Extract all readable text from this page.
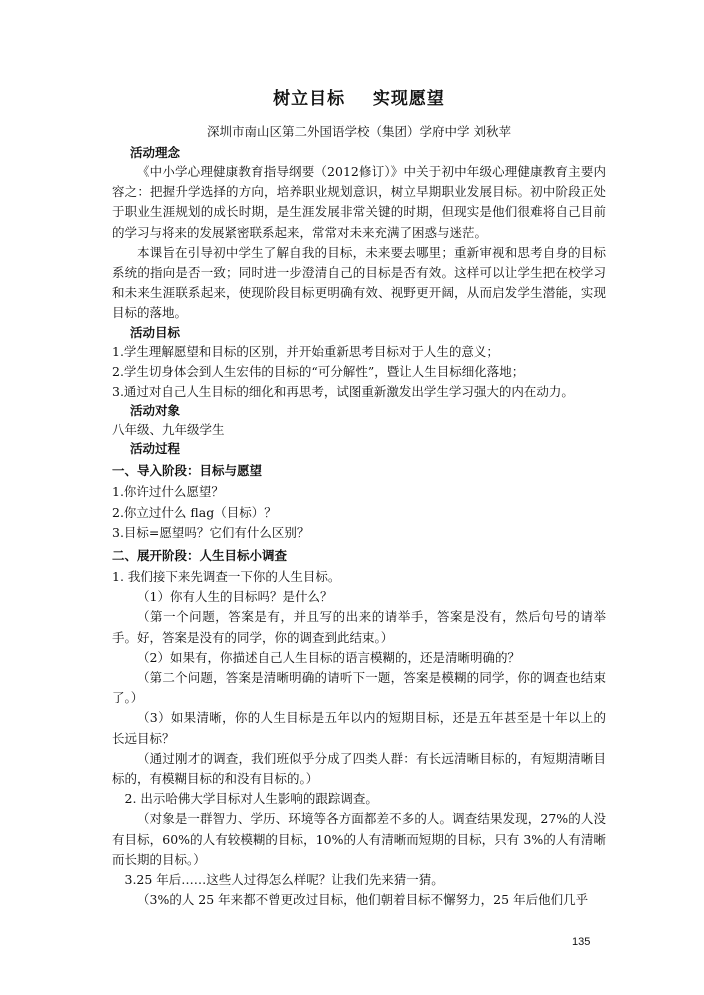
树立目标    实现愿望
深圳市南山区第二外国语学校（集团）学府中学 刘秋苹
活动理念

《中小学心理健康教育指导纲要（2012修订）》中关于初中年级心理健康教育主要内容之：把握升学选择的方向，培养职业规划意识，树立早期职业发展目标。初中阶段正处于职业生涯规划的成长时期，是生涯发展非常关键的时期，但现实是他们很难将自己目前的学习与将来的发展紧密联系起来，常常对未来充满了困惑与迷茫。

本课旨在引导初中学生了解自我的目标，未来要去哪里；重新审视和思考自身的目标系统的指向是否一致；同时进一步澄清自己的目标是否有效。这样可以让学生把在校学习和未来生涯联系起来，使现阶段目标更明确有效、视野更开阔，从而启发学生潜能，实现目标的落地。

活动目标

1.学生理解愿望和目标的区别，并开始重新思考目标对于人生的意义；

2.学生切身体会到人生宏伟的目标的“可分解性”，暨让人生目标细化落地；

3.通过对自己人生目标的细化和再思考，试图重新激发出学生学习强大的内在动力。

活动对象

八年级、九年级学生

活动过程
一、导入阶段：目标与愿望

1.你许过什么愿望？

2.你立过什么 flag（目标）？

3.目标=愿望吗？它们有什么区别？

二、展开阶段：人生目标小调查

1. 我们接下来先调查一下你的人生目标。

（1）你有人生的目标吗？是什么？

（第一个问题，答案是有，并且写的出来的请举手，答案是没有，然后句号的请举手。好，答案是没有的同学，你的调查到此结束。）

（2）如果有，你描述自己人生目标的语言模糊的，还是清晰明确的？

（第二个问题，答案是清晰明确的请听下一题，答案是模糊的同学，你的调查也结束了。）

（3）如果清晰，你的人生目标是五年以内的短期目标，还是五年甚至是十年以上的长远目标？

（通过刚才的调查，我们班似乎分成了四类人群：有长远清晰目标的，有短期清晰目标的，有模糊目标的和没有目标的。）

2. 出示哈佛大学目标对人生影响的跟踪调查。

（对象是一群智力、学历、环境等各方面都差不多的人。调查结果发现，27%的人没有目标，60%的人有较模糊的目标，10%的人有清晰而短期的目标，只有 3%的人有清晰而长期的目标。）

3.25 年后……这些人过得怎么样呢？让我们先来猜一猜。

（3%的人 25 年来都不曾更改过目标，他们朝着目标不懈努力，25 年后他们几乎

135
